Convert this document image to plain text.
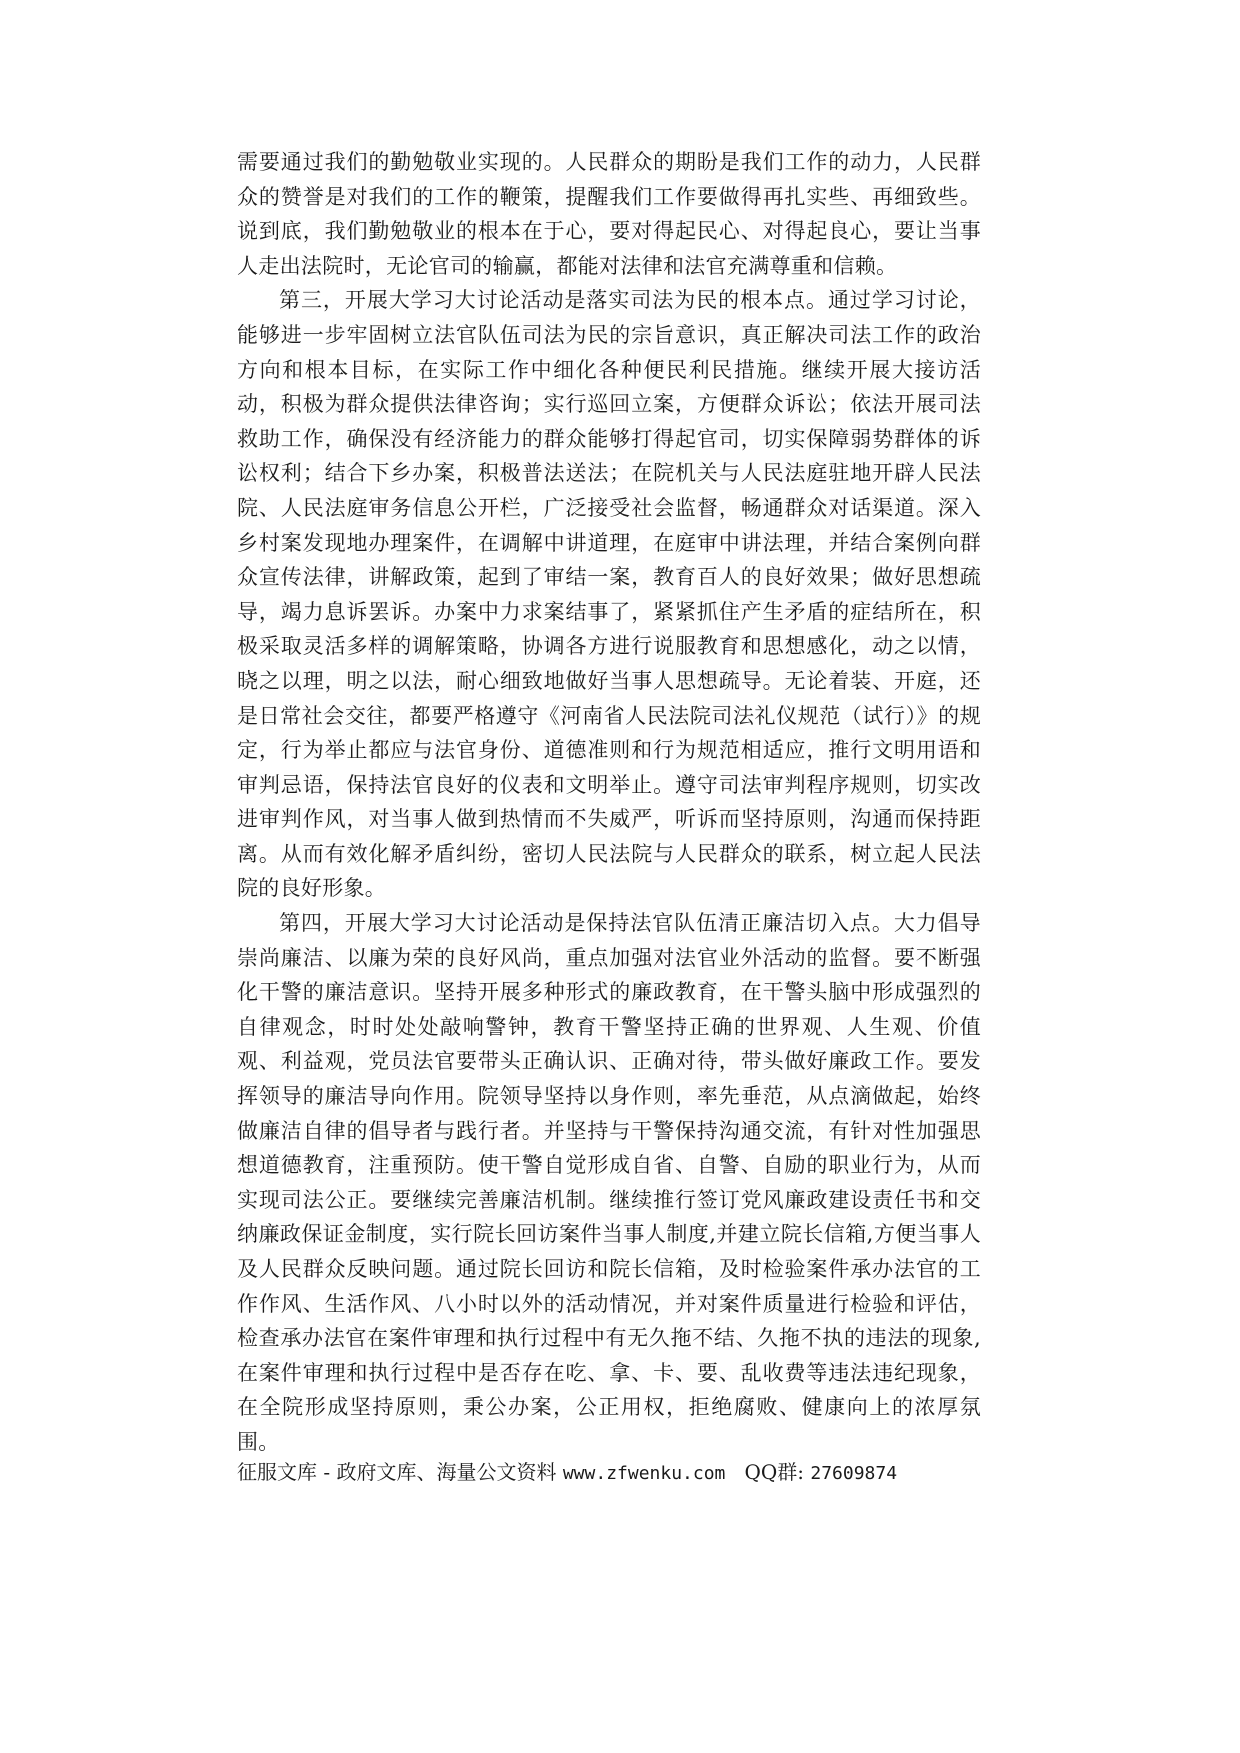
需要通过我们的勤勉敬业实现的。人民群众的期盼是我们工作的动力，人民群众的赞誉是对我们的工作的鞭策，提醒我们工作要做得再扎实些、再细致些。说到底，我们勤勉敬业的根本在于心，要对得起民心、对得起良心，要让当事人走出法院时，无论官司的输赢，都能对法律和法官充满尊重和信赖。

第三，开展大学习大讨论活动是落实司法为民的根本点。通过学习讨论，能够进一步牢固树立法官队伍司法为民的宗旨意识，真正解决司法工作的政治方向和根本目标，在实际工作中细化各种便民利民措施。继续开展大接访活动，积极为群众提供法律咨询；实行巡回立案，方便群众诉讼；依法开展司法救助工作，确保没有经济能力的群众能够打得起官司，切实保障弱势群体的诉讼权利；结合下乡办案，积极普法送法；在院机关与人民法庭驻地开辟人民法院、人民法庭审务信息公开栏，广泛接受社会监督，畅通群众对话渠道。深入乡村案发现地办理案件，在调解中讲道理，在庭审中讲法理，并结合案例向群众宣传法律，讲解政策，起到了审结一案，教育百人的良好效果；做好思想疏导，竭力息诉罢诉。办案中力求案结事了，紧紧抓住产生矛盾的症结所在，积极采取灵活多样的调解策略，协调各方进行说服教育和思想感化，动之以情，晓之以理，明之以法，耐心细致地做好当事人思想疏导。无论着装、开庭，还是日常社会交往，都要严格遵守《河南省人民法院司法礼仪规范（试行）》的规定，行为举止都应与法官身份、道德准则和行为规范相适应，推行文明用语和审判忌语，保持法官良好的仪表和文明举止。遵守司法审判程序规则，切实改进审判作风，对当事人做到热情而不失威严，听诉而坚持原则，沟通而保持距离。从而有效化解矛盾纠纷，密切人民法院与人民群众的联系，树立起人民法院的良好形象。

第四，开展大学习大讨论活动是保持法官队伍清正廉洁切入点。大力倡导崇尚廉洁、以廉为荣的良好风尚，重点加强对法官业外活动的监督。要不断强化干警的廉洁意识。坚持开展多种形式的廉政教育，在干警头脑中形成强烈的自律观念，时时处处敲响警钟，教育干警坚持正确的世界观、人生观、价值观、利益观，党员法官要带头正确认识、正确对待，带头做好廉政工作。要发挥领导的廉洁导向作用。院领导坚持以身作则，率先垂范，从点滴做起，始终做廉洁自律的倡导者与践行者。并坚持与干警保持沟通交流，有针对性加强思想道德教育，注重预防。使干警自觉形成自省、自警、自励的职业行为，从而实现司法公正。要继续完善廉洁机制。继续推行签订党风廉政建设责任书和交纳廉政保证金制度，实行院长回访案件当事人制度,并建立院长信箱,方便当事人及人民群众反映问题。通过院长回访和院长信箱，及时检验案件承办法官的工作作风、生活作风、八小时以外的活动情况，并对案件质量进行检验和评估，检查承办法官在案件审理和执行过程中有无久拖不结、久拖不执的违法的现象,在案件审理和执行过程中是否存在吃、拿、卡、要、乱收费等违法违纪现象，在全院形成坚持原则，秉公办案，公正用权，拒绝腐败、健康向上的浓厚氛围。

征服文库 - 政府文库、海量公文资料 www.zfwenku.com QQ群: 27609874
